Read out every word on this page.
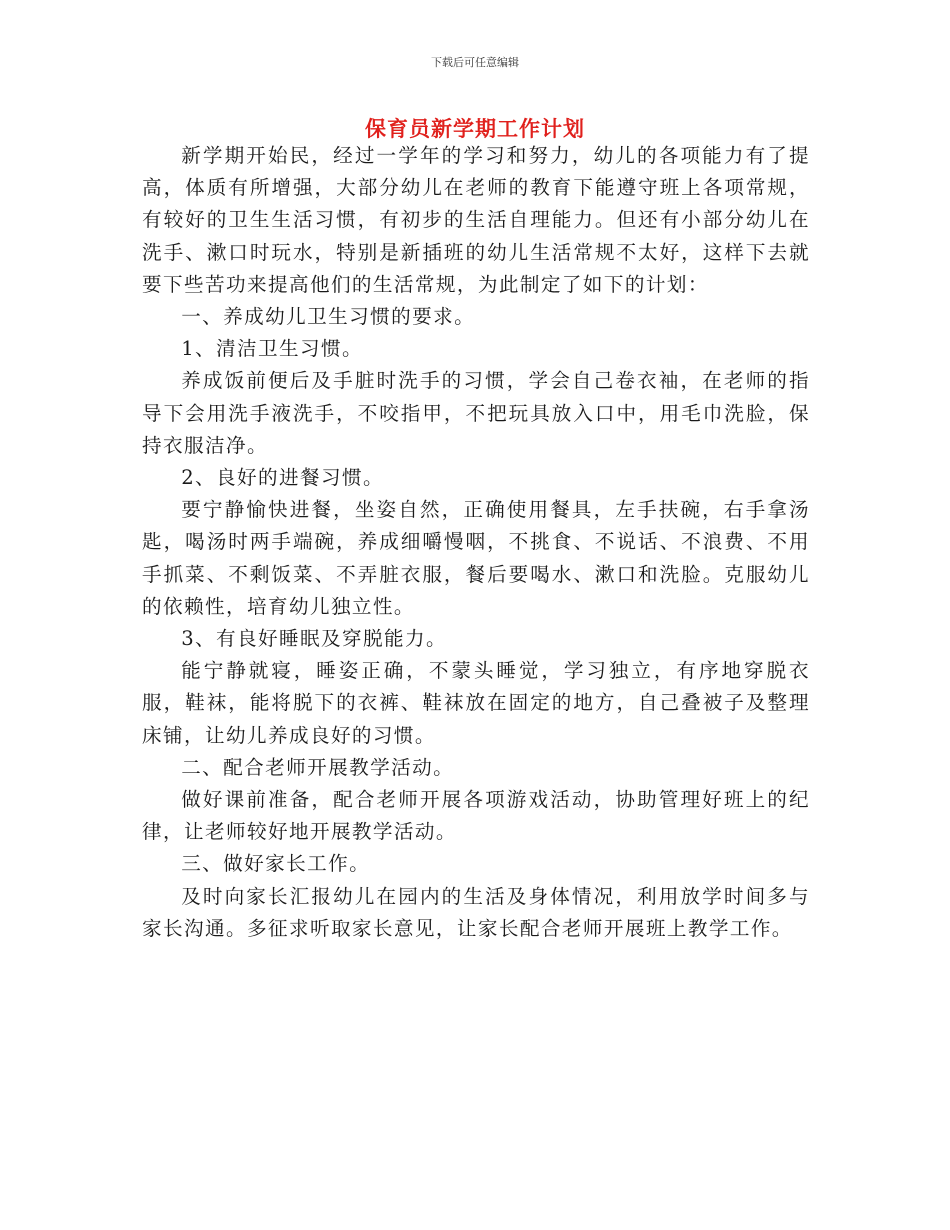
下载后可任意编辑
保育员新学期工作计划

新学期开始民，经过一学年的学习和努力，幼儿的各项能力有了提高，体质有所增强，大部分幼儿在老师的教育下能遵守班上各项常规，有较好的卫生生活习惯，有初步的生活自理能力。但还有小部分幼儿在洗手、漱口时玩水，特别是新插班的幼儿生活常规不太好，这样下去就要下些苦功来提高他们的生活常规，为此制定了如下的计划：

一、养成幼儿卫生习惯的要求。

1、清洁卫生习惯。

养成饭前便后及手脏时洗手的习惯，学会自己卷衣袖，在老师的指导下会用洗手液洗手，不咬指甲，不把玩具放入口中，用毛巾洗脸，保持衣服洁净。

2、良好的进餐习惯。

要宁静愉快进餐，坐姿自然，正确使用餐具，左手扶碗，右手拿汤匙，喝汤时两手端碗，养成细嚼慢咽，不挑食、不说话、不浪费、不用手抓菜、不剩饭菜、不弄脏衣服，餐后要喝水、漱口和洗脸。克服幼儿的依赖性，培育幼儿独立性。

3、有良好睡眠及穿脱能力。

能宁静就寝，睡姿正确，不蒙头睡觉，学习独立，有序地穿脱衣服，鞋袜，能将脱下的衣裤、鞋袜放在固定的地方，自己叠被子及整理床铺，让幼儿养成良好的习惯。

二、配合老师开展教学活动。

做好课前准备，配合老师开展各项游戏活动，协助管理好班上的纪律，让老师较好地开展教学活动。

三、做好家长工作。

及时向家长汇报幼儿在园内的生活及身体情况，利用放学时间多与家长沟通。多征求听取家长意见，让家长配合老师开展班上教学工作。
